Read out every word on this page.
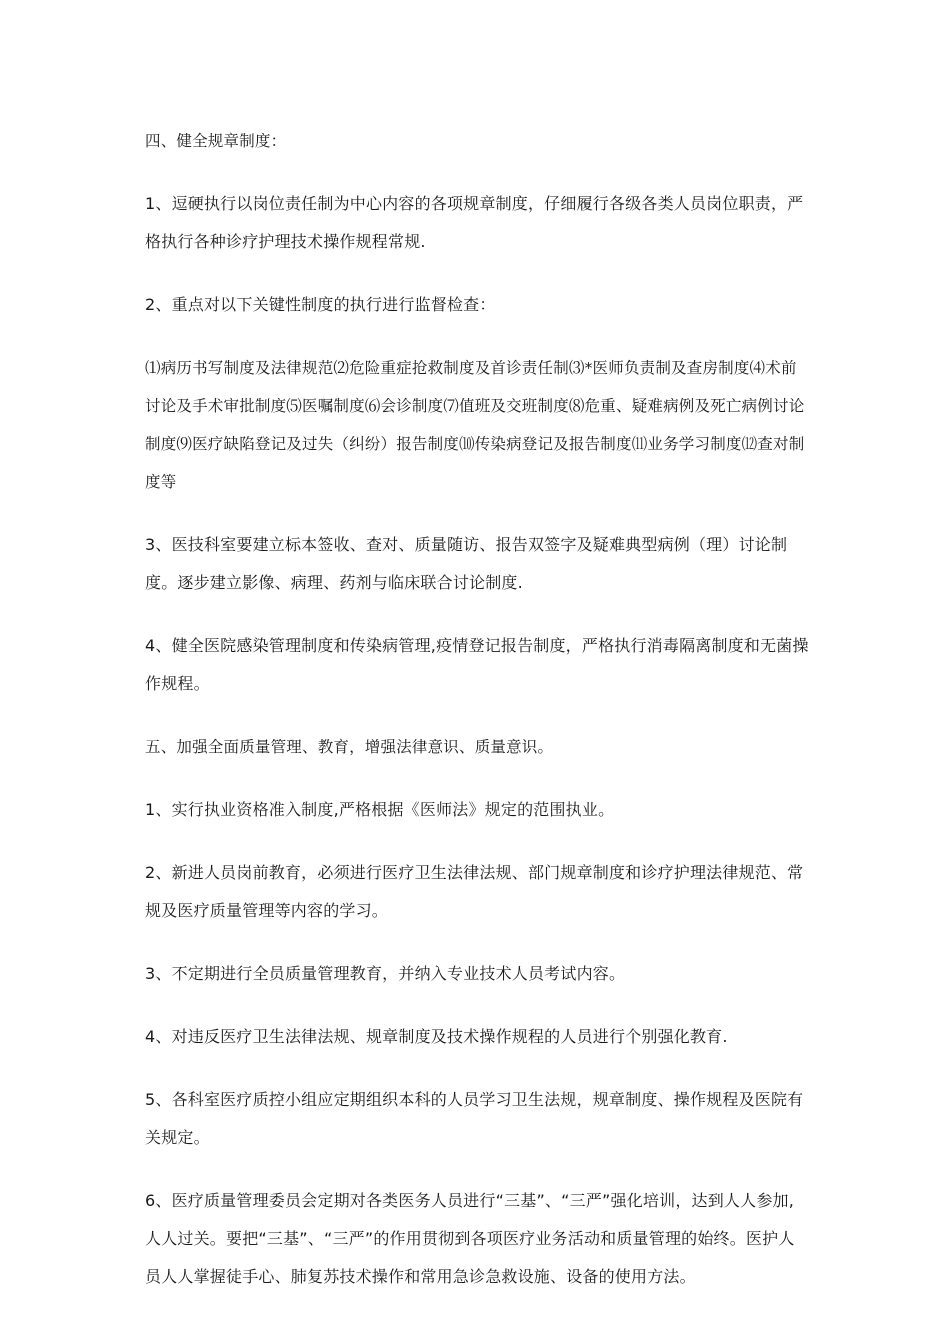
四、健全规章制度：

1、逗硬执行以岗位责任制为中心内容的各项规章制度，仔细履行各级各类人员岗位职责，严格执行各种诊疗护理技术操作规程常规.

2、重点对以下关键性制度的执行进行监督检查：

⑴病历书写制度及法律规范⑵危险重症抢救制度及首诊责任制⑶*医师负责制及查房制度⑷术前讨论及手术审批制度⑸医嘱制度⑹会诊制度⑺值班及交班制度⑻危重、疑难病例及死亡病例讨论制度⑼医疗缺陷登记及过失（纠纷）报告制度⑽传染病登记及报告制度⑾业务学习制度⑿查对制度等

3、医技科室要建立标本签收、查对、质量随访、报告双签字及疑难典型病例（理）讨论制度。逐步建立影像、病理、药剂与临床联合讨论制度.

4、健全医院感染管理制度和传染病管理,疫情登记报告制度，严格执行消毒隔离制度和无菌操作规程。

五、加强全面质量管理、教育，增强法律意识、质量意识。

1、实行执业资格准入制度,严格根据《医师法》规定的范围执业。

2、新进人员岗前教育，必须进行医疗卫生法律法规、部门规章制度和诊疗护理法律规范、常规及医疗质量管理等内容的学习。

3、不定期进行全员质量管理教育，并纳入专业技术人员考试内容。

4、对违反医疗卫生法律法规、规章制度及技术操作规程的人员进行个别强化教育.

5、各科室医疗质控小组应定期组织本科的人员学习卫生法规，规章制度、操作规程及医院有关规定。

6、医疗质量管理委员会定期对各类医务人员进行“三基”、“三严”强化培训，达到人人参加,人人过关。要把“三基”、“三严”的作用贯彻到各项医疗业务活动和质量管理的始终。医护人员人人掌握徒手心、肺复苏技术操作和常用急诊急救设施、设备的使用方法。
